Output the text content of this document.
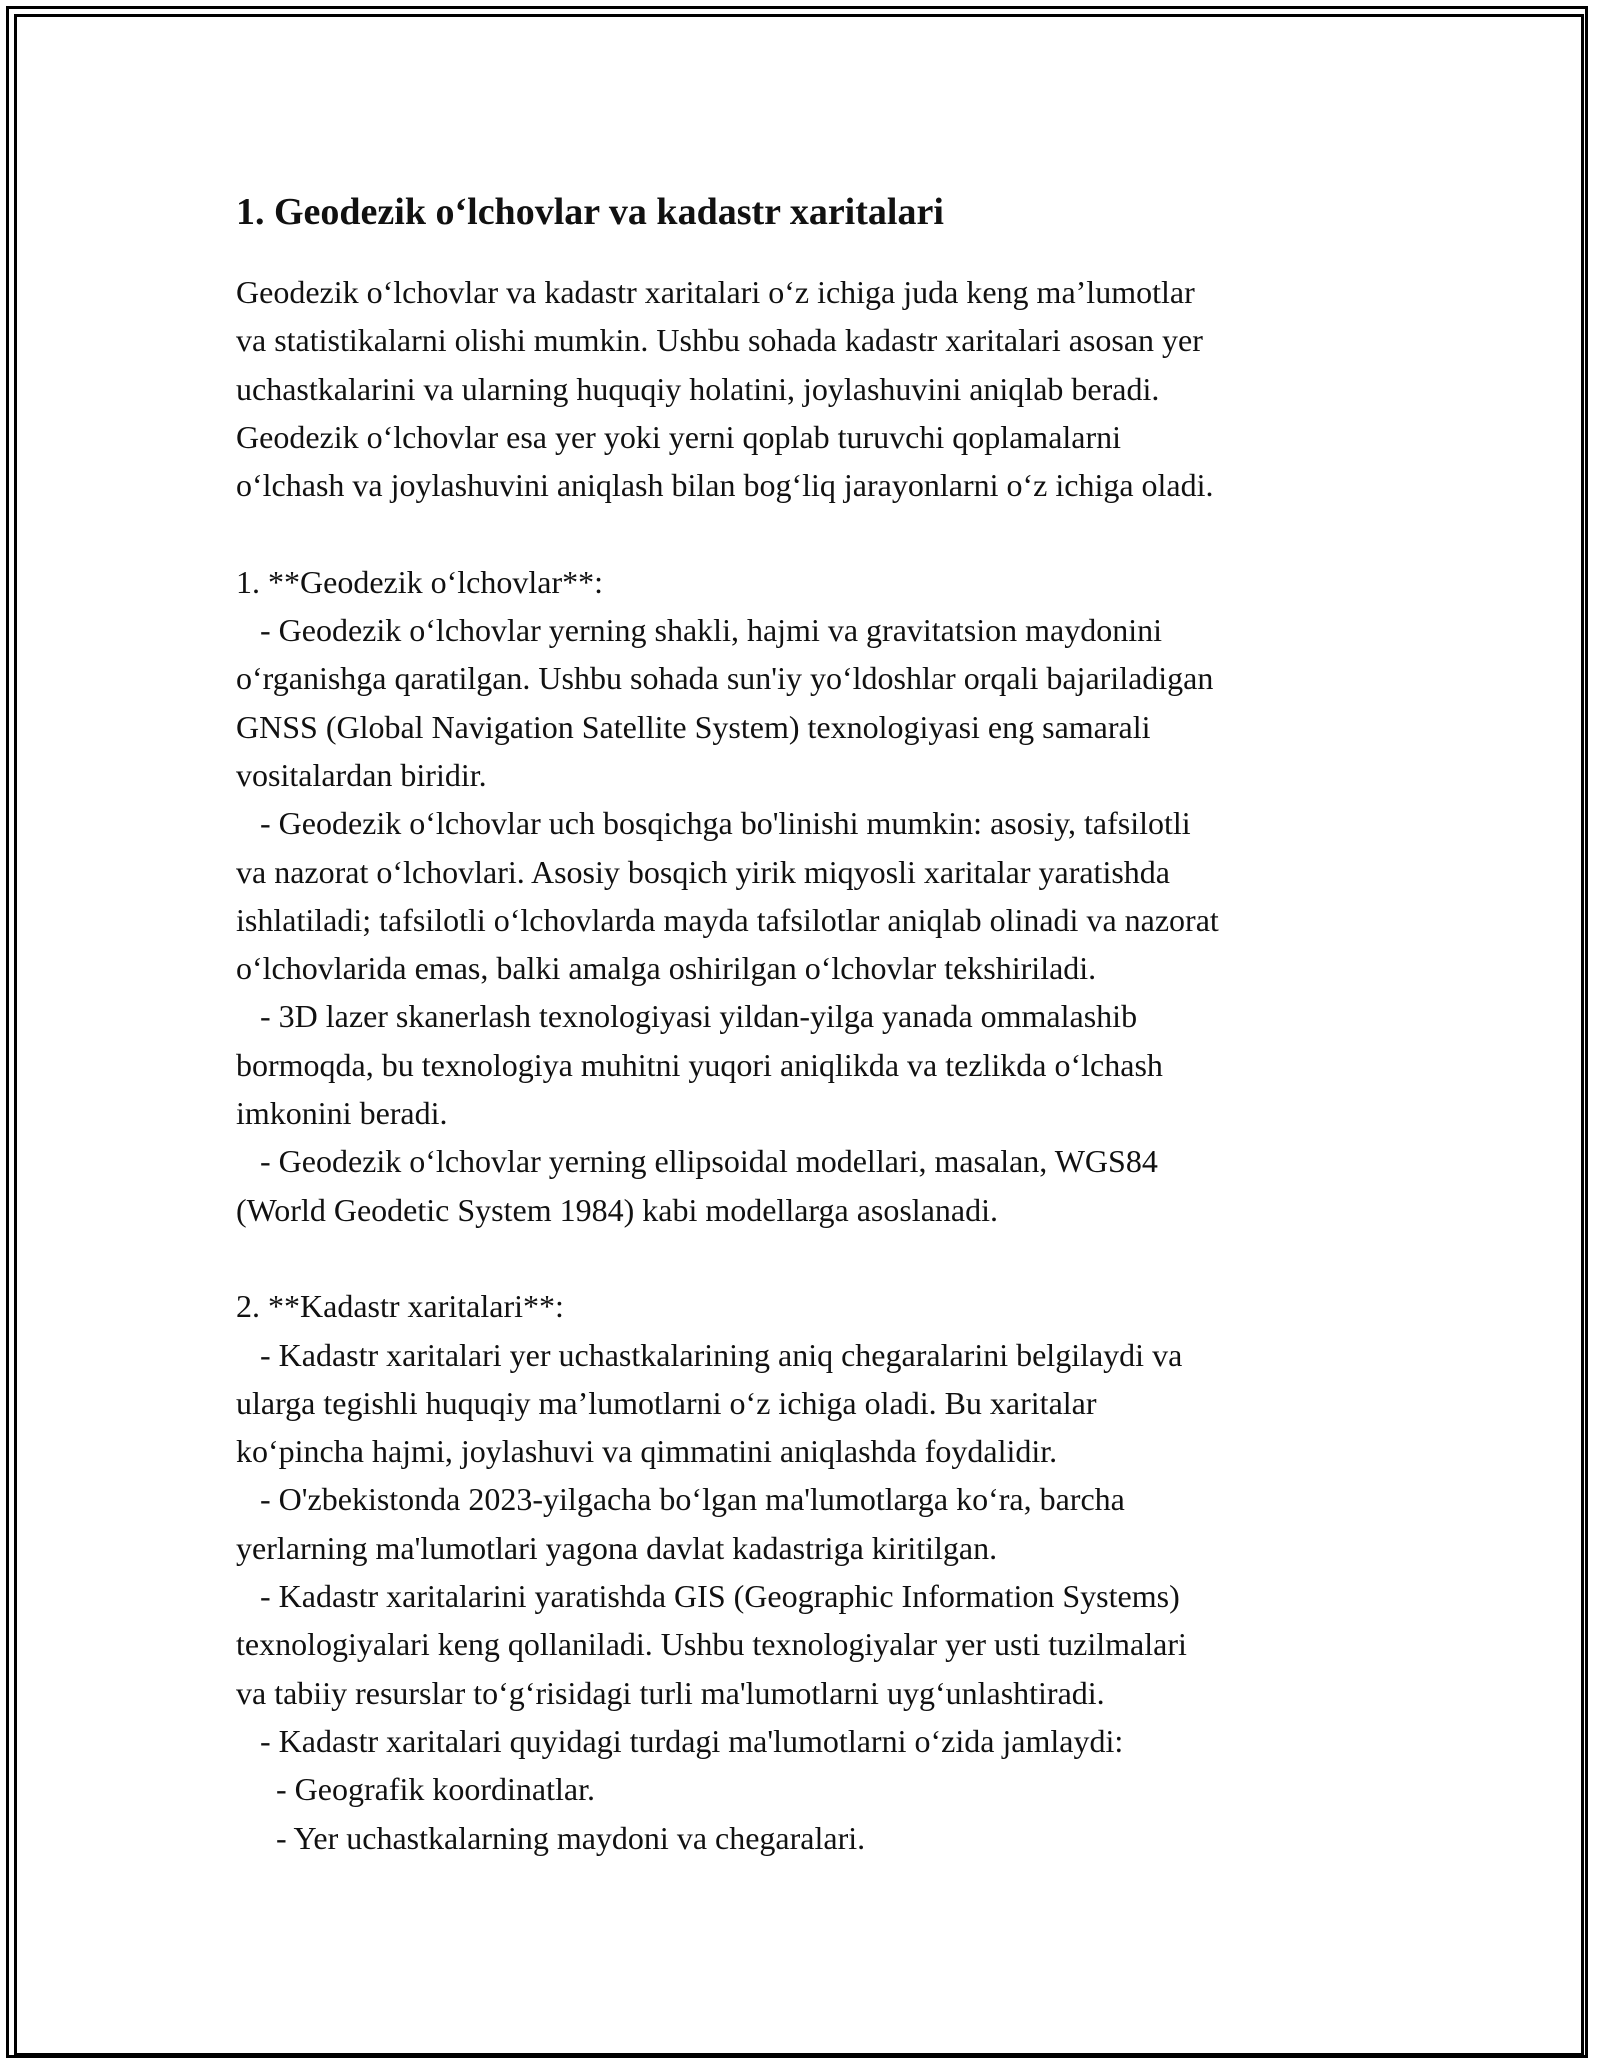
1. Geodezik o‘lchovlar va kadastr xaritalari
Geodezik o‘lchovlar va kadastr xaritalari o‘z ichiga juda keng ma’lumotlar
va statistikalarni olishi mumkin. Ushbu sohada kadastr xaritalari asosan yer
uchastkalarini va ularning huquqiy holatini, joylashuvini aniqlab beradi.
Geodezik o‘lchovlar esa yer yoki yerni qoplab turuvchi qoplamalarni
o‘lchash va joylashuvini aniqlash bilan bog‘liq jarayonlarni o‘z ichiga oladi.
1. **Geodezik o‘lchovlar**:
- Geodezik o‘lchovlar yerning shakli, hajmi va gravitatsion maydonini
o‘rganishga qaratilgan. Ushbu sohada sun'iy yo‘ldoshlar orqali bajariladigan
GNSS (Global Navigation Satellite System) texnologiyasi eng samarali
vositalardan biridir.
- Geodezik o‘lchovlar uch bosqichga bo'linishi mumkin: asosiy, tafsilotli
va nazorat o‘lchovlari. Asosiy bosqich yirik miqyosli xaritalar yaratishda
ishlatiladi; tafsilotli o‘lchovlarda mayda tafsilotlar aniqlab olinadi va nazorat
o‘lchovlarida emas, balki amalga oshirilgan o‘lchovlar tekshiriladi.
- 3D lazer skanerlash texnologiyasi yildan-yilga yanada ommalashib
bormoqda, bu texnologiya muhitni yuqori aniqlikda va tezlikda o‘lchash
imkonini beradi.
- Geodezik o‘lchovlar yerning ellipsoidal modellari, masalan, WGS84
(World Geodetic System 1984) kabi modellarga asoslanadi.
2. **Kadastr xaritalari**:
- Kadastr xaritalari yer uchastkalarining aniq chegaralarini belgilaydi va
ularga tegishli huquqiy ma’lumotlarni o‘z ichiga oladi. Bu xaritalar
ko‘pincha hajmi, joylashuvi va qimmatini aniqlashda foydalidir.
- O'zbekistonda 2023-yilgacha bo‘lgan ma'lumotlarga ko‘ra, barcha
yerlarning ma'lumotlari yagona davlat kadastriga kiritilgan.
- Kadastr xaritalarini yaratishda GIS (Geographic Information Systems)
texnologiyalari keng qollaniladi. Ushbu texnologiyalar yer usti tuzilmalari
va tabiiy resurslar to‘g‘risidagi turli ma'lumotlarni uyg‘unlashtiradi.
- Kadastr xaritalari quyidagi turdagi ma'lumotlarni o‘zida jamlaydi:
- Geografik koordinatlar.
- Yer uchastkalarning maydoni va chegaralari.
